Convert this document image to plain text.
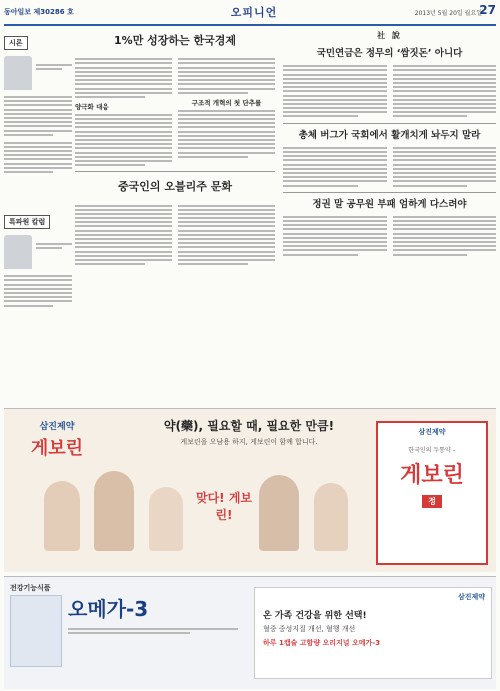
동아일보 제30286 호	오피니언	2013년 5월 20일 월요일
27
시론
특파원 칼럼
1%만 성장하는 한국경제
양극화 대응
구조적 개혁의 첫 단추를
중국인의 오블리주 문화
社 說
국민연금은 정무의 ‘쌈짓돈’ 아니다
총체 버그가 국회에서 활개치게 놔두지 말라
정권 말 공무원 부패 엄하게 다스려야
삼진제약
게보린
약(藥), 필요할 때, 필요한 만큼!
게보린을 오남용 하지, 게보린이 함께 합니다.
맞다! 게보린!
삼진제약
한국인의 두통약 –
게보린
정
전강기능식품
오메가-3	삼진제약
온 가족 건강을 위한 선택!
혈중 중성지질 개선, 혈행 개선
하루 1캡슐 고함량 오리지널 오메가-3
